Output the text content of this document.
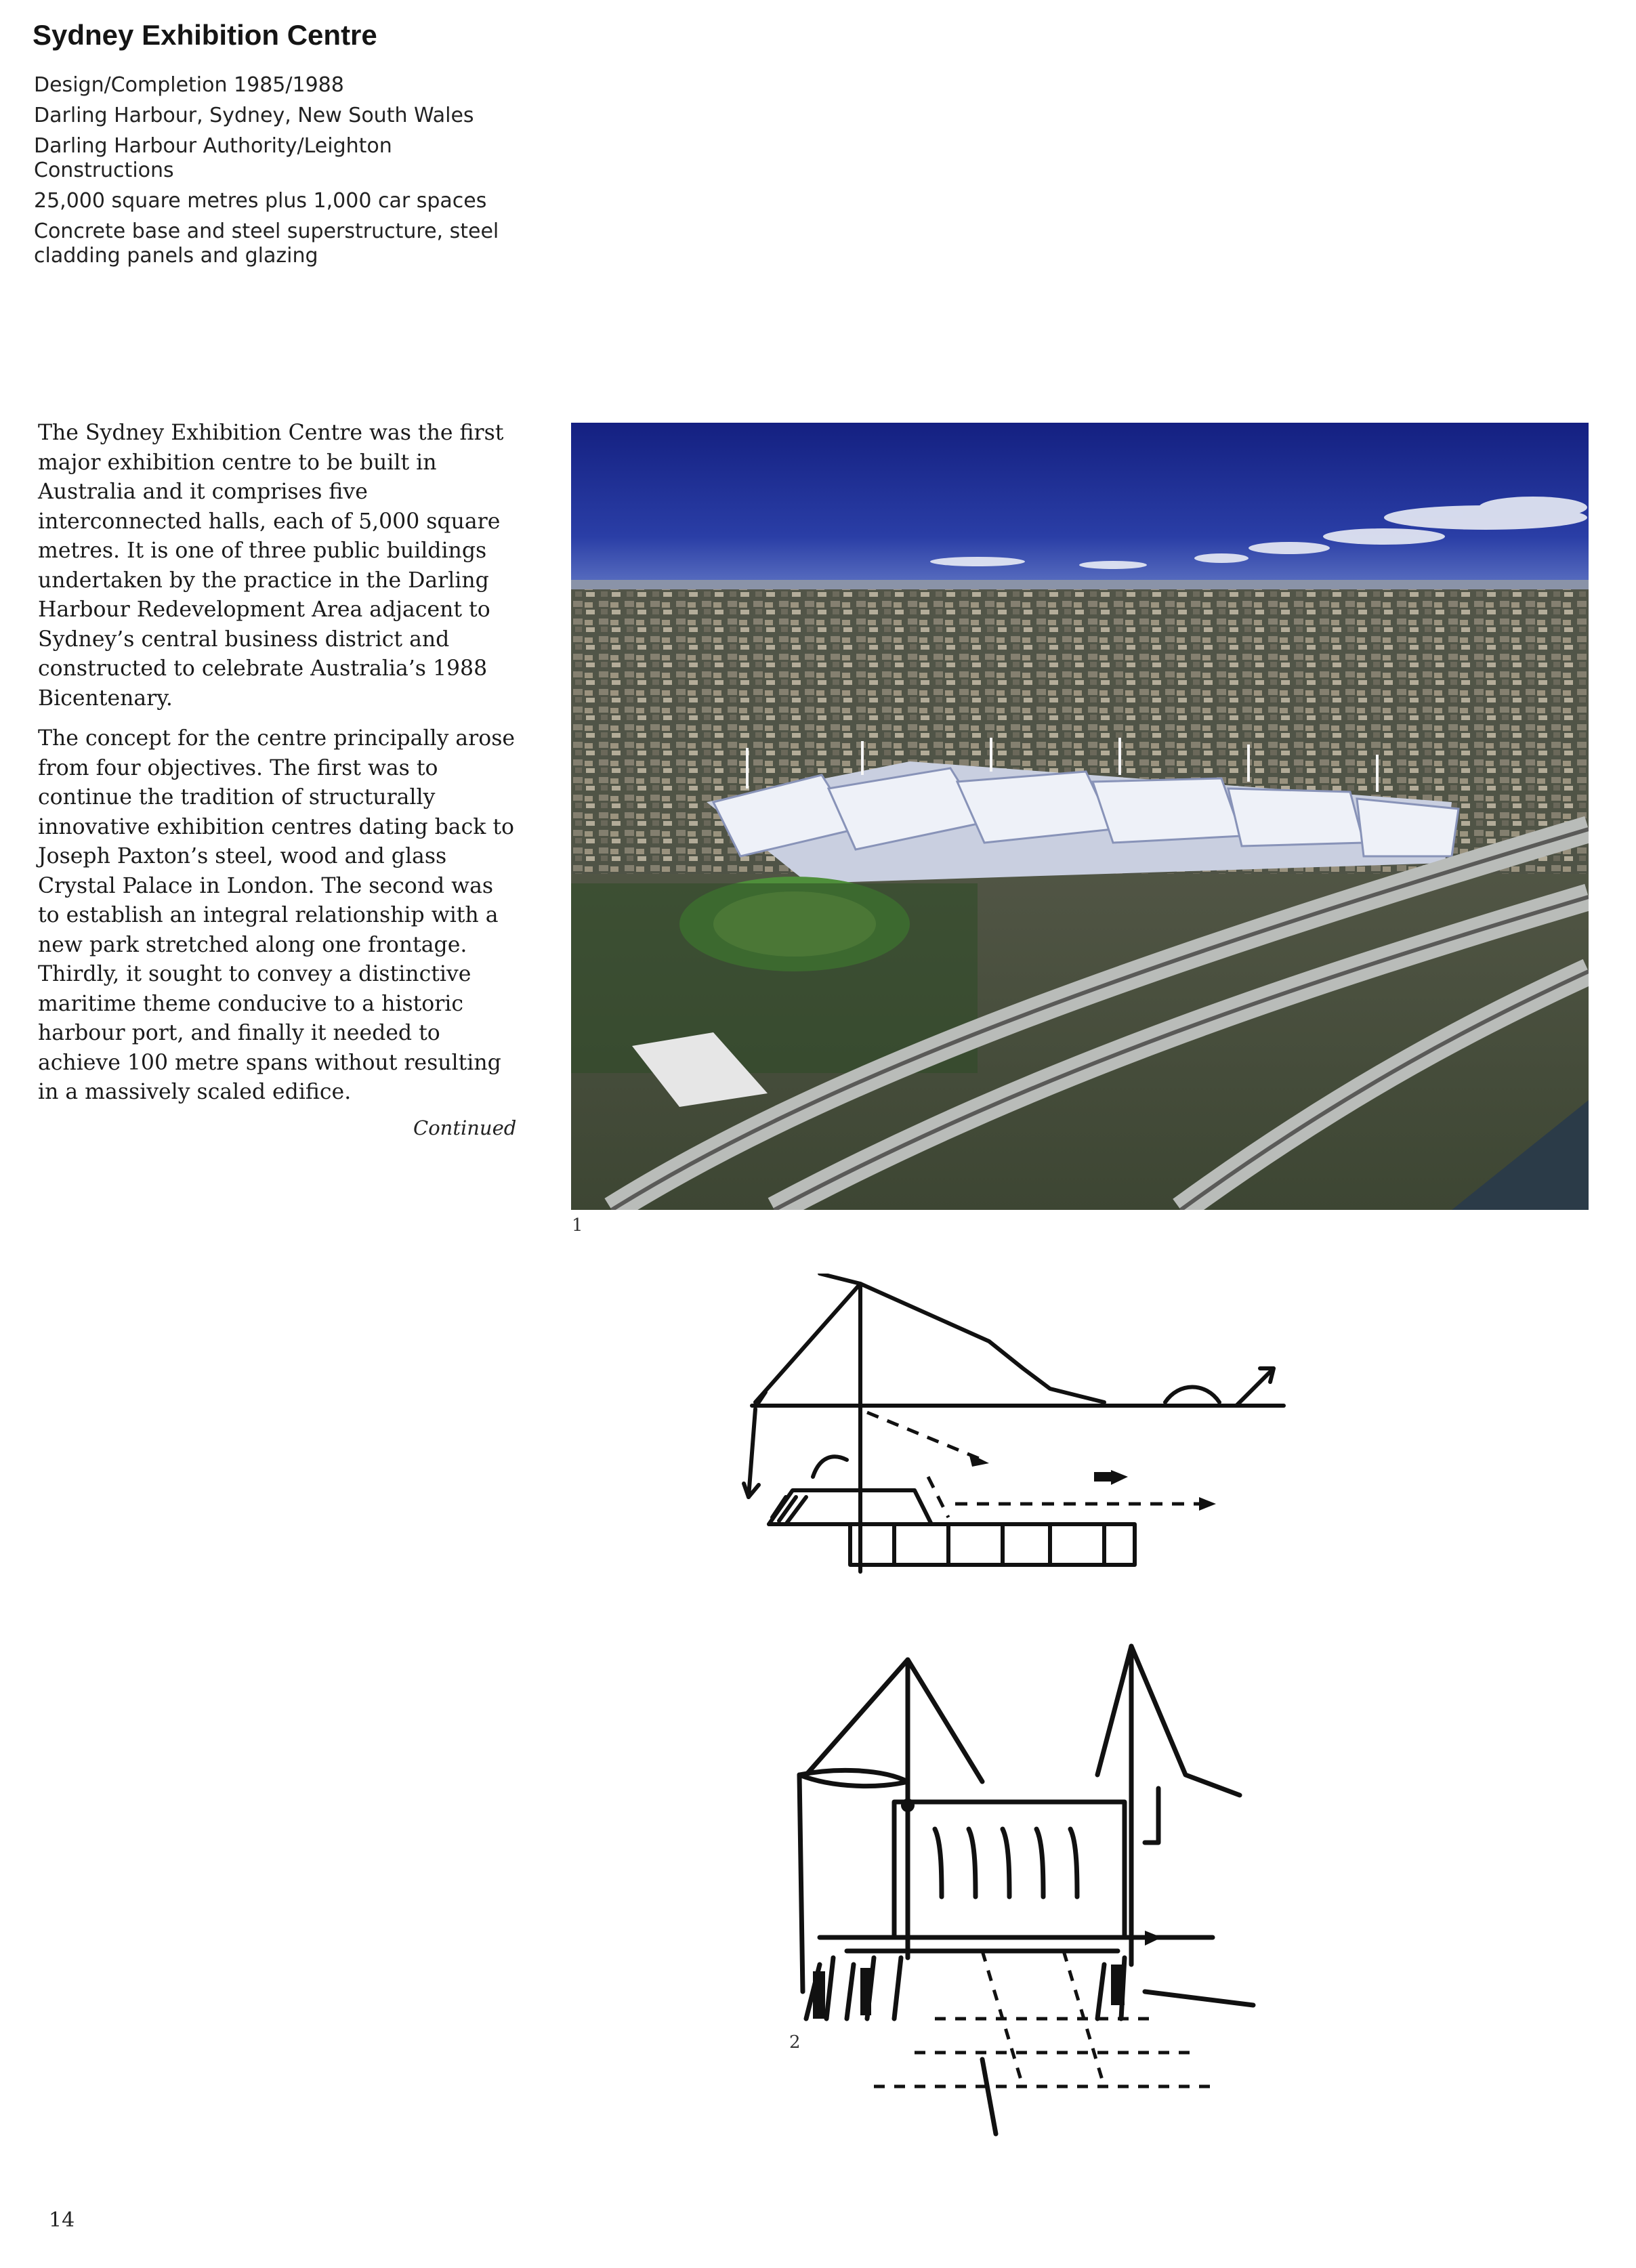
Sydney Exhibition Centre

Design/Completion 1985/1988

Darling Harbour, Sydney, New South Wales

Darling Harbour Authority/Leighton Constructions

25,000 square metres plus 1,000 car spaces

Concrete base and steel superstructure, steel cladding panels and glazing

The Sydney Exhibition Centre was the first major exhibition centre to be built in Australia and it comprises five interconnected halls, each of 5,000 square metres. It is one of three public buildings undertaken by the practice in the Darling Harbour Redevelopment Area adjacent to Sydney’s central business district and constructed to celebrate Australia’s 1988 Bicentenary.

The concept for the centre principally arose from four objectives. The first was to continue the tradition of structurally innovative exhibition centres dating back to Joseph Paxton’s steel, wood and glass Crystal Palace in London. The second was to establish an integral relationship with a new park stretched along one frontage. Thirdly, it sought to convey a distinctive maritime theme conducive to a historic harbour port, and finally it needed to achieve 100 metre spans without resulting in a massively scaled edifice.

Continued
1
2
14
